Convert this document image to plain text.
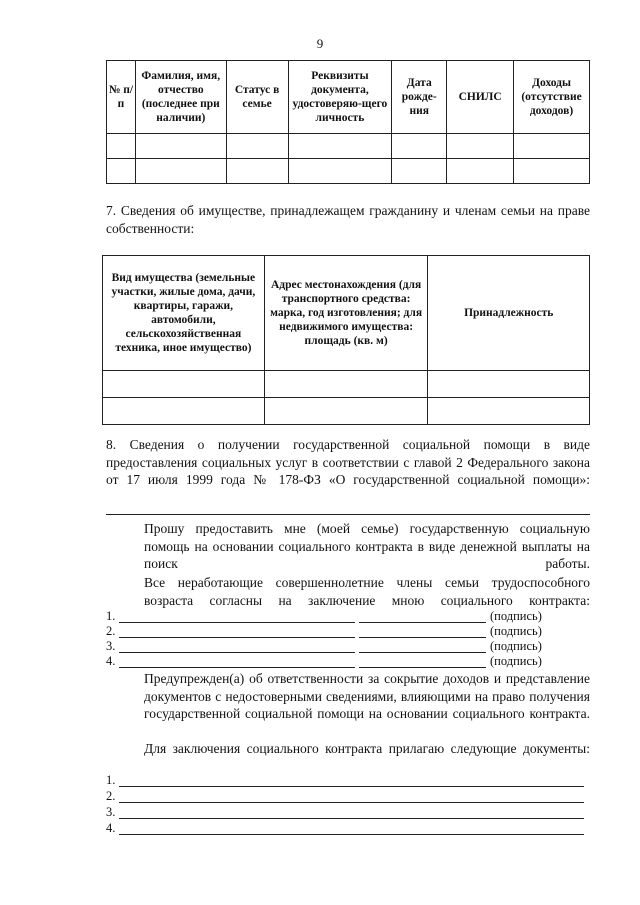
9
№ п/п	Фамилия, имя, отчество (последнее при наличии)	Статус в семье	Реквизиты документа, удостоверяю-щего личность	Дата рожде-ния	СНИЛС	Доходы (отсутствие доходов)

7. Сведения об имуществе, принадлежащем гражданину и членам семьи на праве собственности:

Вид имущества (земельные участки, жилые дома, дачи, квартиры, гаражи, автомобили, сельскохозяйственная техника, иное имущество)	Адрес местонахождения (для транспортного средства: марка, год изготовления; для недвижимого имущества: площадь (кв. м)	Принадлежность

8. Сведения о получении государственной социальной помощи в виде предоставления социальных услуг в соответствии с главой 2 Федерального закона от 17 июля 1999 года № 178-ФЗ «О государственной социальной помощи»:

Прошу предоставить мне (моей семье) государственную социальную помощь на основании социального контракта в виде денежной выплаты на поиск работы.

Все неработающие совершеннолетние члены семьи трудоспособного возраста согласны на заключение мною социального контракта:

1.	(подпись)
2.	(подпись)
3.	(подпись)
4.	(подпись)

Предупрежден(а) об ответственности за сокрытие доходов и представление документов с недостоверными сведениями, влияющими на право получения государственной социальной помощи на основании социального контракта.

Для заключения социального контракта прилагаю следующие документы:

1.
2.
3.
4.
